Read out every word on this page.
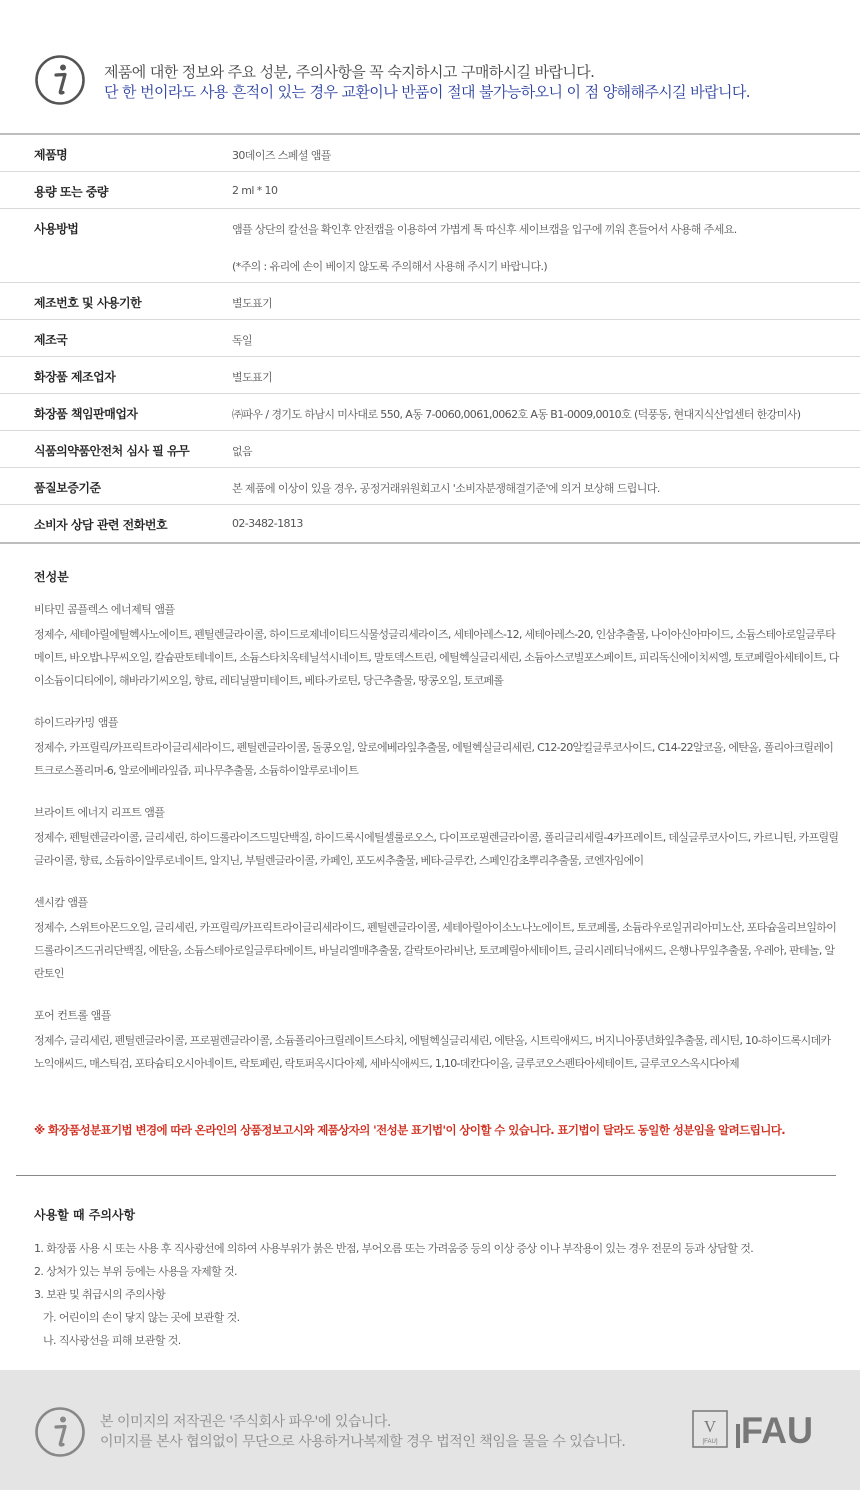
제품에 대한 정보와 주요 성분, 주의사항을 꼭 숙지하시고 구매하시길 바랍니다.
단 한 번이라도 사용 흔적이 있는 경우 교환이나 반품이 절대 불가능하오니 이 점 양해해주시길 바랍니다.
제품명	30데이즈 스페셜 앰플
용량 또는 중량	2 ml * 10
사용방법	앰플 상단의 칼선을 확인후 안전캡을 이용하여 가볍게 톡 따신후 세이브캡을 입구에 끼워 흔들어서 사용해 주세요.
(*주의 : 유리에 손이 베이지 않도록 주의해서 사용해 주시기 바랍니다.)
제조번호 및 사용기한	별도표기
제조국	독일
화장품 제조업자	별도표기
화장품 책임판매업자	㈜파우 / 경기도 하남시 미사대로 550, A동 7-0060,0061,0062호 A동 B1-0009,0010호 (덕풍동, 현대지식산업센터 한강미사)
식품의약품안전처 심사 필 유무	없음
품질보증기준	본 제품에 이상이 있을 경우, 공정거래위원회고시 '소비자분쟁해결기준'에 의거 보상해 드립니다.
소비자 상담 관련 전화번호	02-3482-1813
전성분
비타민 콤플렉스 에너제틱 앰플
정제수, 세테아릴에틸헥사노에이트, 펜틸렌글라이콜, 하이드로제네이티드식물성글리세라이즈, 세테아레스-12, 세테아레스-20, 인삼추출물, 나이아신아마이드, 소듐스테아로일글루타메이트, 바오밥나무씨오일, 칼슘판토테네이트, 소듐스타치옥테닐석시네이트, 말토덱스트린, 에틸헥실글리세린, 소듐아스코빌포스페이트, 피리독신에이치씨엘, 토코페릴아세테이트, 다이소듐이디티에이, 해바라기씨오일, 향료, 레티닐팔미테이트, 베타-카로틴, 당근추출물, 땅콩오일, 토코페롤
하이드라카밍 앰플
정제수, 카프릴릭/카프릭트라이글리세라이드, 펜틸렌글라이콜, 돌콩오일, 알로에베라잎추출물, 에틸헥실글리세린, C12-20알킬글루코사이드, C14-22알코올, 에탄올, 폴리아크릴레이트크로스폴리머-6, 알로에베라잎즙, 피나무추출물, 소듐하이알루로네이트
브라이트 에너지 리프트 앰플
정제수, 펜틸렌글라이콜, 글리세린, 하이드롤라이즈드밀단백질, 하이드록시에틸셀룰로오스, 다이프로필렌글라이콜, 폴리글리세릴-4카프레이트, 데실글루코사이드, 카르니틴, 카프릴릴글라이콜, 향료, 소듐하이알루로네이트, 알지닌, 부틸렌글라이콜, 카페인, 포도씨추출물, 베타-글루칸, 스페인감초뿌리추출물, 코엔자임에이
센시캄 앰플
정제수, 스위트아몬드오일, 글리세린, 카프릴릭/카프릭트라이글리세라이드, 펜틸렌글라이콜, 세테아릴아이소노나노에이트, 토코페롤, 소듐라우로일귀리아미노산, 포타슘올리브일하이드롤라이즈드귀리단백질, 에탄올, 소듐스테아로일글루타메이트, 바닐리엘매추출물, 갈락토아라비난, 토코페릴아세테이트, 글리시레티닉애씨드, 은행나무잎추출물, 우레아, 판테놀, 알란토인
포어 컨트롤 앰플
정제수, 글리세린, 펜틸렌글라이콜, 프로필렌글라이콜, 소듐폴리아크릴레이트스타치, 에틸헥실글리세린, 에탄올, 시트릭애씨드, 버지니아풍년화잎추출물, 레시틴, 10-하이드록시데카노익애씨드, 매스틱검, 포타슘티오시아네이트, 락토페린, 락토퍼옥시다아제, 세바식애씨드, 1,10-데칸다이올, 글루코오스펜타아세테이트, 글루코오스옥시다아제
※ 화장품성분표기법 변경에 따라 온라인의 상품정보고시와 제품상자의 '전성분 표기법'이 상이할 수 있습니다. 표기법이 달라도 동일한 성분임을 알려드립니다.
사용할 때 주의사항
1. 화장품 사용 시 또는 사용 후 직사광선에 의하여 사용부위가 붉은 반점, 부어오름 또는 가려움증 등의 이상 증상 이나 부작용이 있는 경우 전문의 등과 상담할 것.
2. 상처가 있는 부위 등에는 사용을 자제할 것.
3. 보관 및 취급시의 주의사항
가. 어린이의 손이 닿지 않는 곳에 보관할 것.
나. 직사광선을 피해 보관할 것.
본 이미지의 저작권은 '주식회사 파우'에 있습니다.
이미지를 본사 협의없이 무단으로 사용하거나복제할 경우 법적인 책임을 물을 수 있습니다.
V
[FAU] FAU
